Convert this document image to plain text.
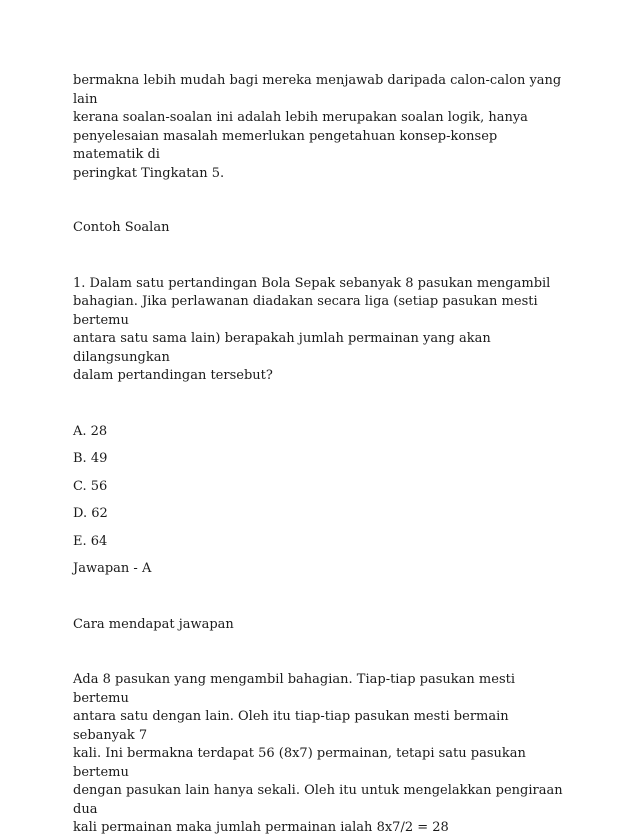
bermakna lebih mudah bagi mereka menjawab daripada calon-calon yang lain
kerana soalan-soalan ini adalah lebih merupakan soalan logik, hanya
penyelesaian masalah memerlukan pengetahuan konsep-konsep matematik di
peringkat Tingkatan 5.

Contoh Soalan

1. Dalam satu pertandingan Bola Sepak sebanyak 8 pasukan mengambil
bahagian. Jika perlawanan diadakan secara liga (setiap pasukan mesti bertemu
antara satu sama lain) berapakah jumlah permainan yang akan dilangsungkan
dalam pertandingan tersebut?

A. 28
B. 49
C. 56
D. 62
E. 64
Jawapan - A

Cara mendapat jawapan

Ada 8 pasukan yang mengambil bahagian. Tiap-tiap pasukan mesti bertemu
antara satu dengan lain. Oleh itu tiap-tiap pasukan mesti bermain sebanyak 7
kali. Ini bermakna terdapat 56 (8x7) permainan, tetapi satu pasukan bertemu
dengan pasukan lain hanya sekali. Oleh itu untuk mengelakkan pengiraan dua
kali permainan maka jumlah permainan ialah 8x7/2 = 28
